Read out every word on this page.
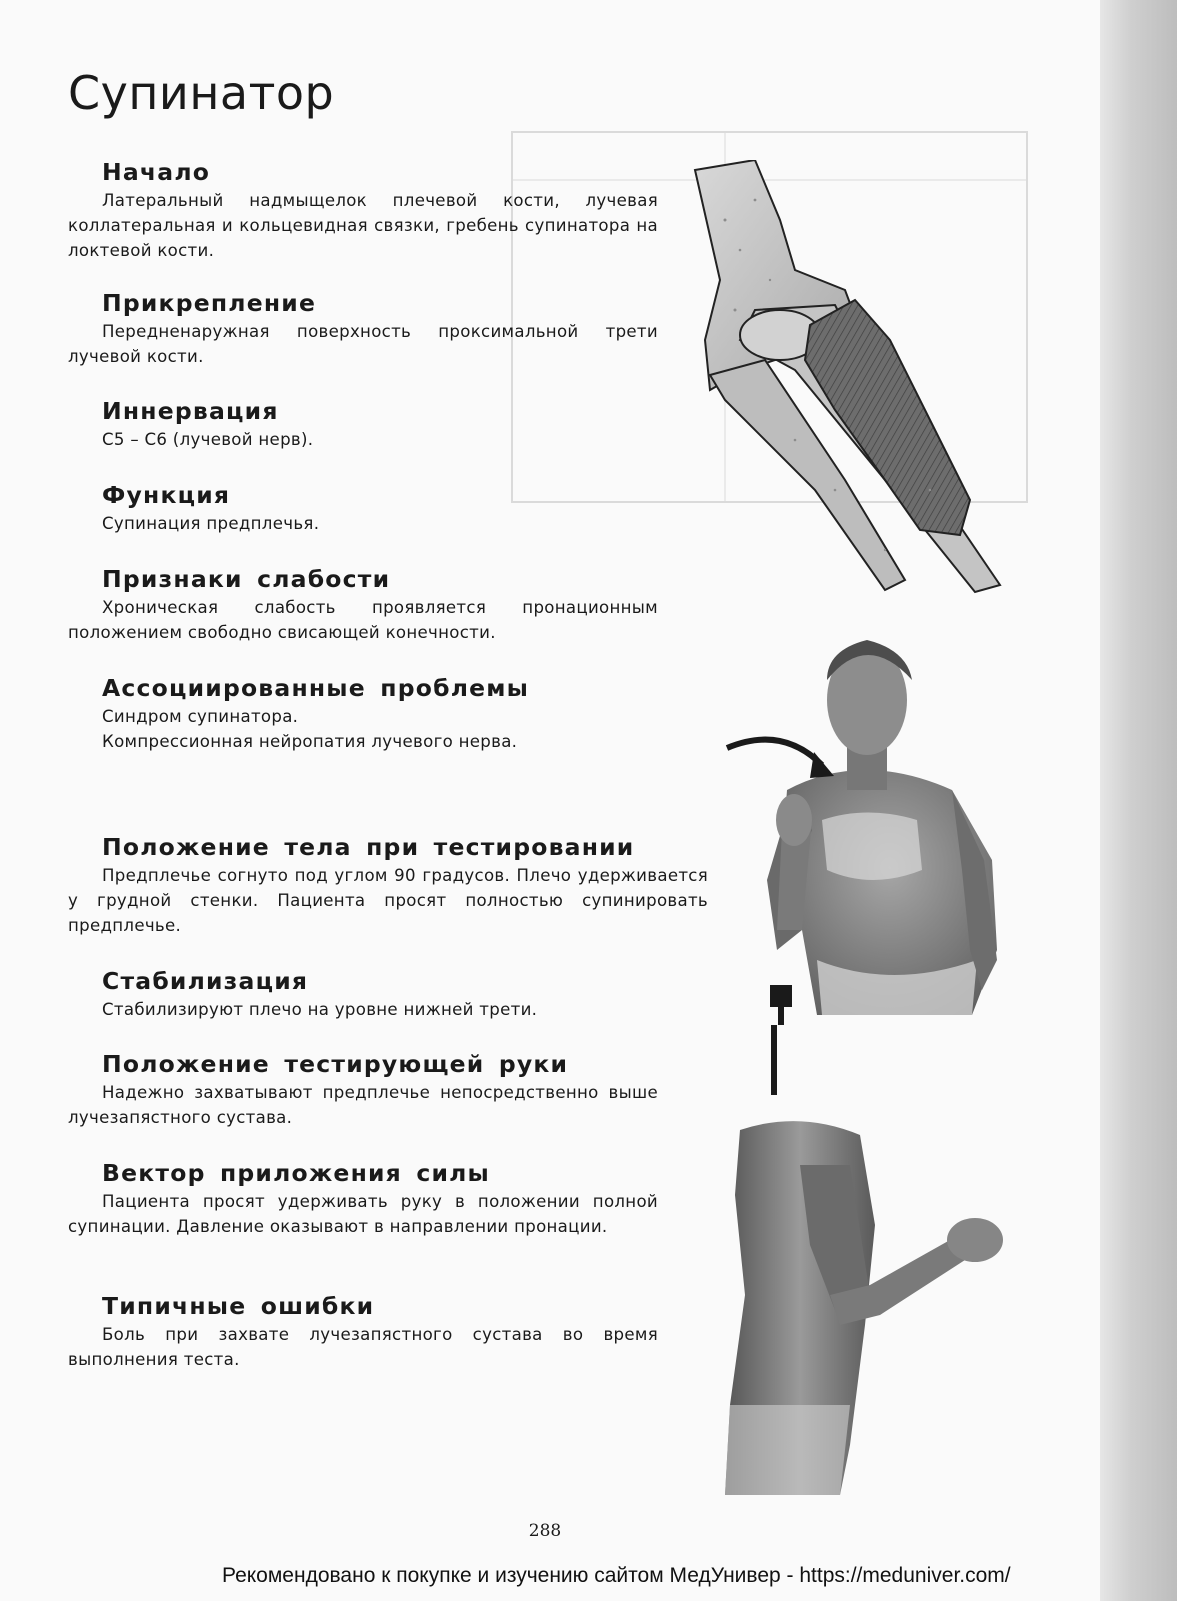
Супинатор
Начало

Латеральный надмыщелок плечевой кости, лучевая коллатеральная и кольцевидная связки, гребень супинатора на локтевой кости.

Прикрепление

Передненаружная поверхность проксимальной трети лучевой кости.

Иннервация

C5 – C6 (лучевой нерв).

Функция

Супинация предплечья.

Признаки слабости

Хроническая слабость проявляется пронационным положением свободно свисающей конечности.

Ассоциированные проблемы

Синдром супинатора.

Компрессионная нейропатия лучевого нерва.

Положение тела при тестировании

Предплечье согнуто под углом 90 градусов. Плечо удерживается у грудной стенки. Пациента просят полностью супинировать предплечье.

Стабилизация

Стабилизируют плечо на уровне нижней трети.

Положение тестирующей руки

Надежно захватывают предплечье непосредственно выше лучезапястного сустава.

Вектор приложения силы

Пациента просят удерживать руку в положении полной супинации. Давление оказывают в направлении пронации.

Типичные ошибки

Боль при захвате лучезапястного сустава во время выполнения теста.

288
Рекомендовано к покупке и изучению сайтом МедУнивер - https://meduniver.com/
